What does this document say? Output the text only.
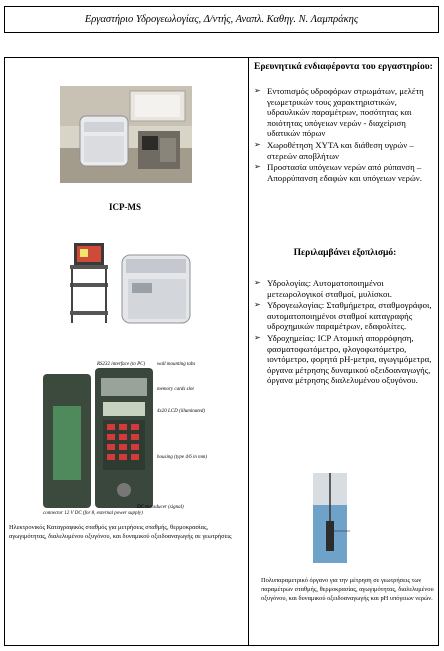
Εργαστήριο Υδρογεωλογίας, Δ/ντής, Αναπλ. Καθηγ. Ν. Λαμπράκης
ICP-MS
RS232 interface (to PC) wall mounting tabs
memory cards slot
4x20 LCD (illuminated)
housing (type 4/6 in mm)
connector 12 V DC (for 8, external power supply)
DC transducer (signal)
Ηλεκτρονικός Καταγραφικός σταθμός για μετρήσεις σταθμής, θερμοκρασίας, αγωγιμότητας, διαλελυμένου οξυγόνου, και δυναμικού οξειδοαναγωγής σε γεωτρήσεις
Ερευνητικά ενδιαφέροντα του εργαστηρίου:
➢ Εντοπισμός υδροφόρων στρωμάτων, μελέτη γεωμετρικών τους χαρακτηριστικών, υδραυλικών παραμέτρων, ποσότητας και ποιότητας υπόγειων νερών - διαχείριση υδατικών πόρων
➢ Χωροθέτηση ΧΥΤΑ και διάθεση υγρών – στερεών αποβλήτων
➢ Προστασία υπόγειων νερών από ρύπανση – Απορρύπανση εδαφών και υπόγειων νερών.
Περιλαμβάνει εξοπλισμό:
➢ Υδρολογίας: Αυτοματοποιημένοι μετεωρολογικοί σταθμοί, μυλίσκοι.
➢ Υδρογεωλογίας: Σταθμήμετρα, σταθμογράφοι, αυτοματοποιημένοι σταθμοί καταγραφής υδροχημικών παραμέτρων, εδαφολίτες.
➢ Υδροχημείας: ICP Ατομική απορρόφηση, φασματοφωτόμετρο, φλογοφωτόμετρο, ιοντόμετρο, φορητά pH-μετρα, αγωγιμόμετρα, όργανα μέτρησης δυναμικού οξειδοαναγωγής, όργανα μέτρησης διαλελυμένου οξυγόνου.
Πολυπαραμετρικό όργανο για την μέτρηση σε γεωτρήσεις των παραμέτρων σταθμής, θερμοκρασίας, αγωγιμότητας, διαλελυμένου οξυγόνου, και δυναμικού οξειδοαναγωγής και pH υπόγειων νερών.
